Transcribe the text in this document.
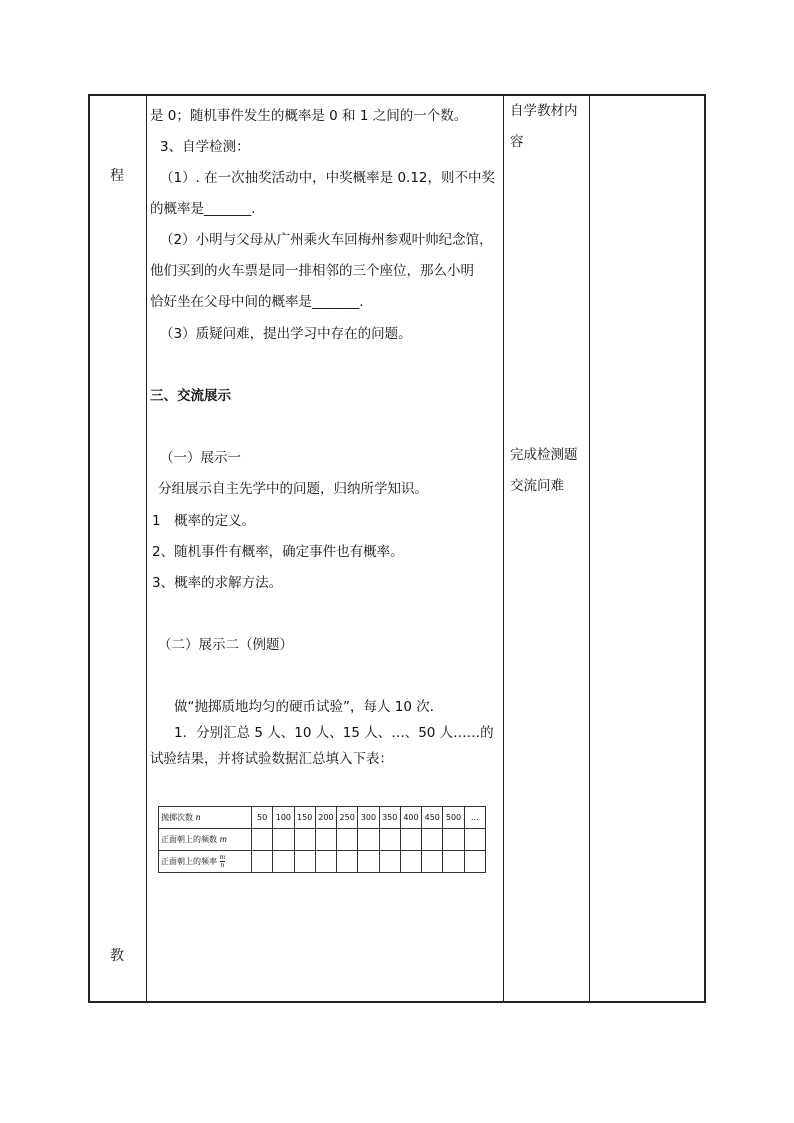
程
教
是 0；随机事件发生的概率是 0 和 1 之间的一个数。
3、自学检测：
（1）. 在一次抽奖活动中，中奖概率是 0.12，则不中奖
的概率是_______.
（2）小明与父母从广州乘火车回梅州参观叶帅纪念馆，
他们买到的火车票是同一排相邻的三个座位，那么小明
恰好坐在父母中间的概率是_______.
（3）质疑问难，提出学习中存在的问题。
三、交流展示
（一）展示一
分组展示自主先学中的问题，归纳所学知识。
1　概率的定义。
2、随机事件有概率，确定事件也有概率。
3、概率的求解方法。
（二）展示二（例题）
做“抛掷质地均匀的硬币试验”，每人 10 次．
1．分别汇总 5 人、10 人、15 人、…、50 人……的
试验结果，并将试验数据汇总填入下表：
自学教材内
容
完成检测题
交流问难
抛掷次数 n	50	100	150	200	250	300	350	400	450	500	…
正面朝上的频数 m											
正面朝上的频率 $\frac{m}{n}$											
